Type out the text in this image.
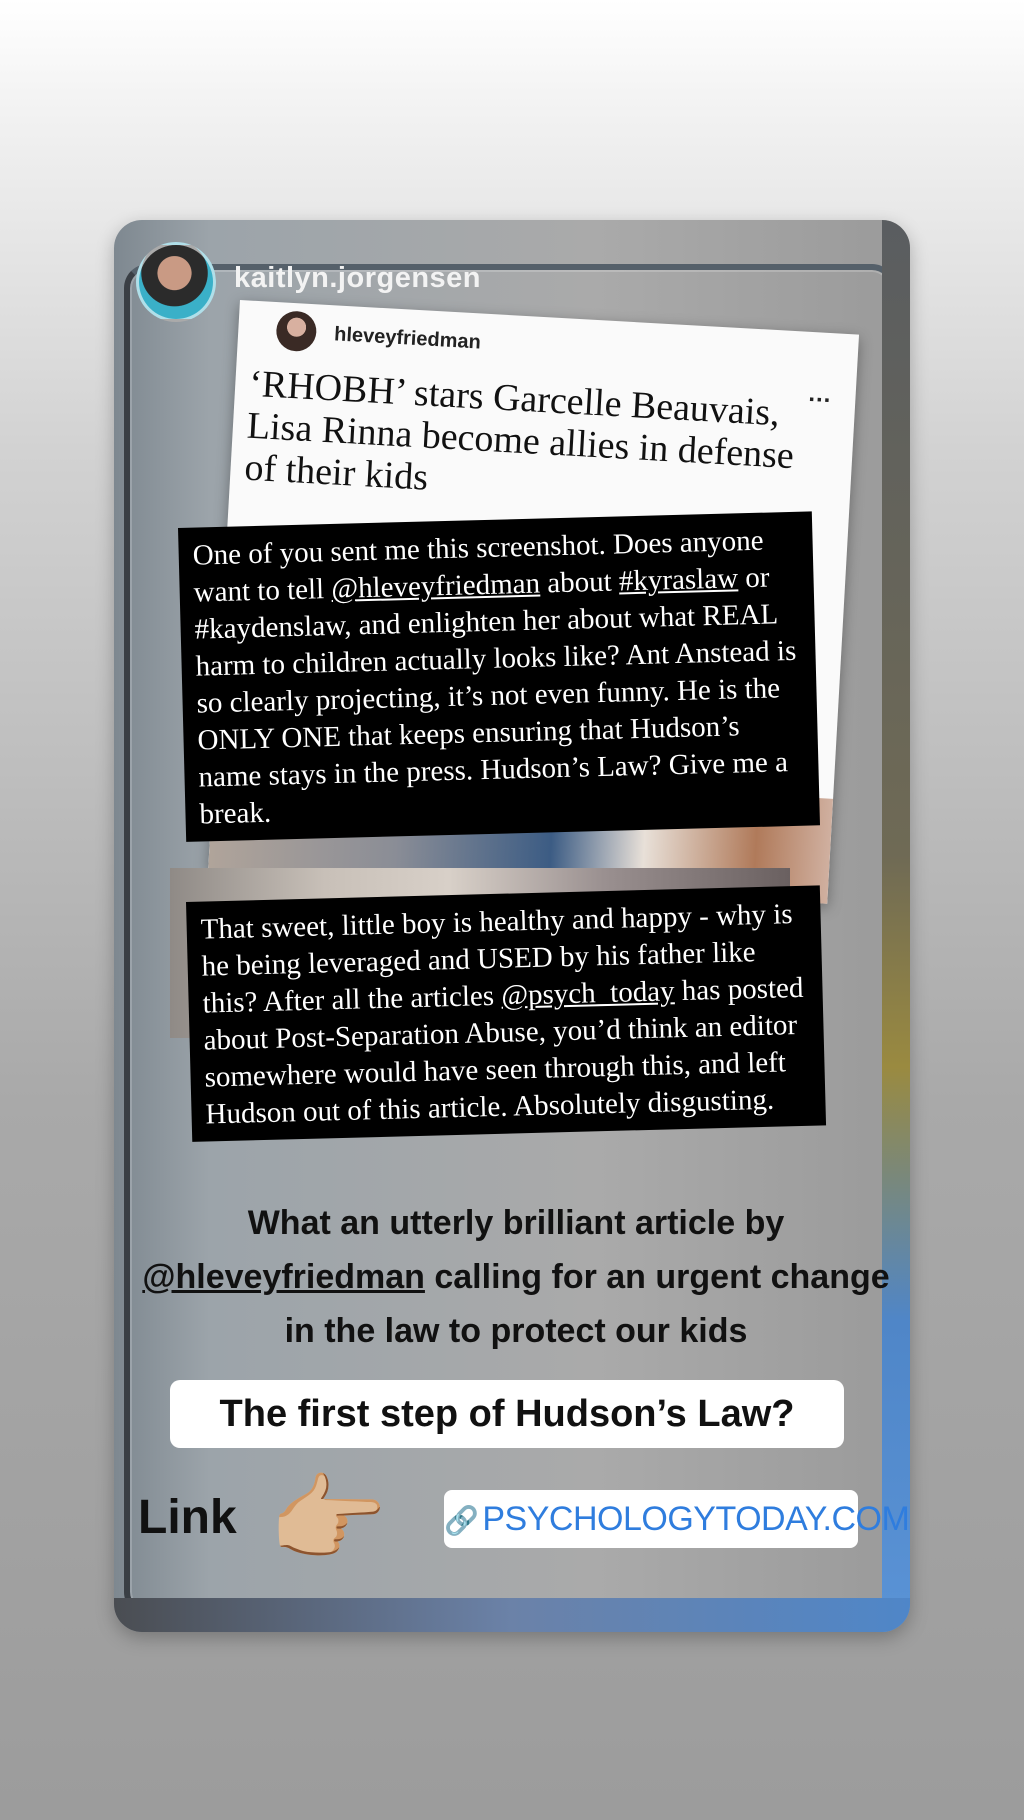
kaitlyn.jorgensen
hleveyfriedman
...
‘RHOBH’ stars Garcelle Beauvais, Lisa Rinna become allies in defense of their kids
One of you sent me this screenshot. Does anyone want to tell @hleveyfriedman about #kyraslaw or #kaydenslaw, and enlighten her about what REAL harm to children actually looks like? Ant Anstead is so clearly projecting, it’s not even funny. He is the ONLY ONE that keeps ensuring that Hudson’s name stays in the press. Hudson’s Law? Give me a break.
That sweet, little boy is healthy and happy - why is he being leveraged and USED by his father like this? After all the articles @psych_today has posted about Post-Separation Abuse, you’d think an editor somewhere would have seen through this, and left Hudson out of this article. Absolutely disgusting.
What an utterly brilliant article by @hleveyfriedman calling for an urgent change in the law to protect our kids
The first step of Hudson’s Law?
Link 👉🏼 🔗 PSYCHOLOGYTODAY.COM
